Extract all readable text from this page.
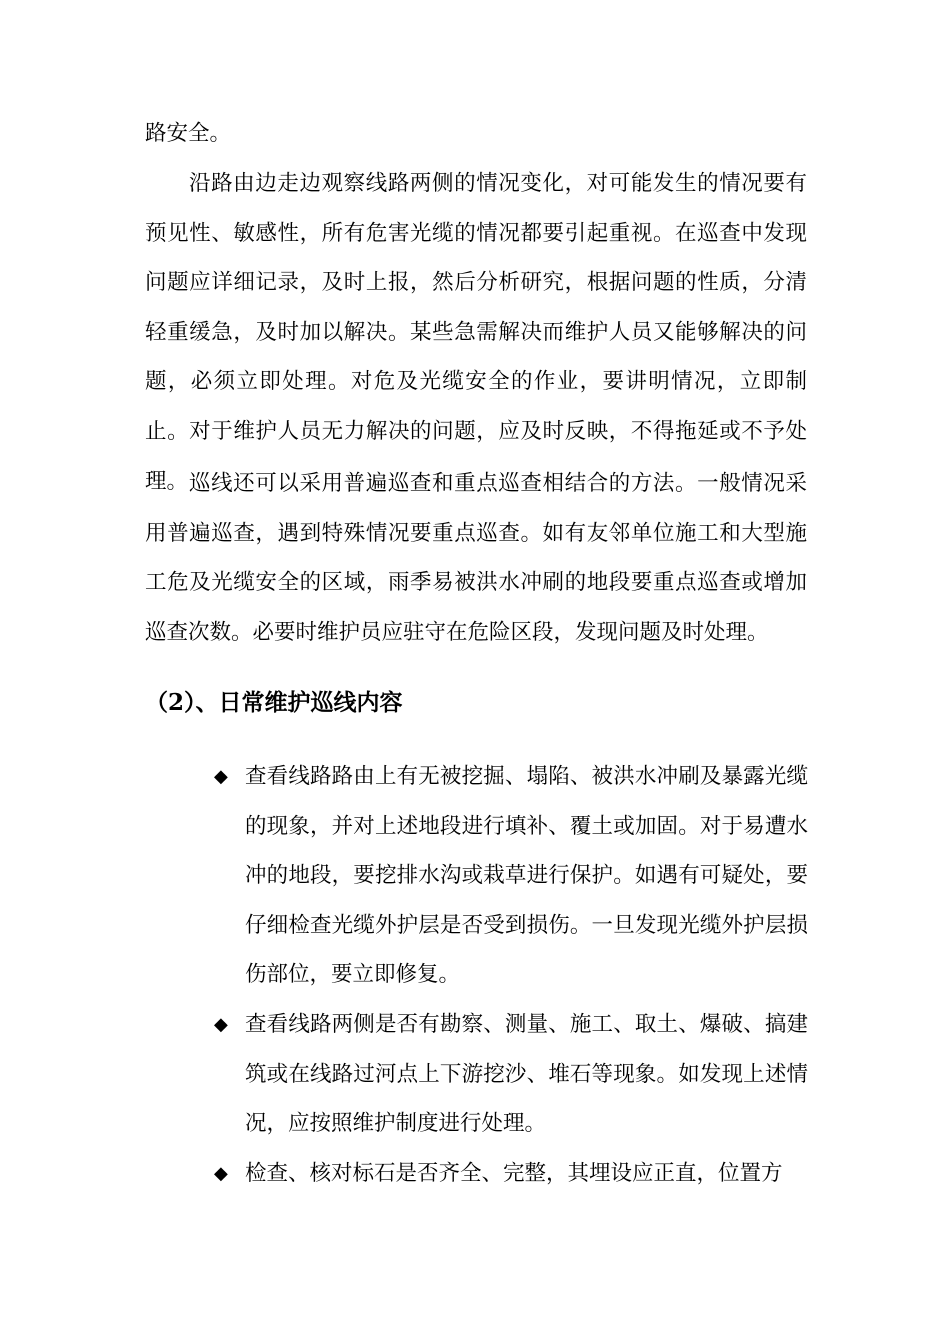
路安全。

沿路由边走边观察线路两侧的情况变化，对可能发生的情况要有预见性、敏感性，所有危害光缆的情况都要引起重视。在巡查中发现问题应详细记录，及时上报，然后分析研究，根据问题的性质，分清轻重缓急，及时加以解决。某些急需解决而维护人员又能够解决的问题，必须立即处理。对危及光缆安全的作业，要讲明情况，立即制止。对于维护人员无力解决的问题，应及时反映，不得拖延或不予处理。 巡线还可以采用普遍巡查和重点巡查相结合的方法。一般情况采用普遍巡查，遇到特殊情况要重点巡查。如有友邻单位施工和大型施工危及光缆安全的区域，雨季易被洪水冲刷的地段要重点巡查或增加巡查次数。必要时维护员应驻守在危险区段，发现问题及时处理。

（2）、日常维护巡线内容
◆ 查看线路路由上有无被挖掘、塌陷、被洪水冲刷及暴露光缆的现象，并对上述地段进行填补、覆土或加固。对于易遭水冲的地段，要挖排水沟或栽草进行保护。如遇有可疑处，要仔细检查光缆外护层是否受到损伤。一旦发现光缆外护层损伤部位，要立即修复。
◆ 查看线路两侧是否有勘察、测量、施工、取土、爆破、搞建筑或在线路过河点上下游挖沙、堆石等现象。如发现上述情况，应按照维护制度进行处理。
◆ 检查、核对标石是否齐全、完整，其埋设应正直，位置方
